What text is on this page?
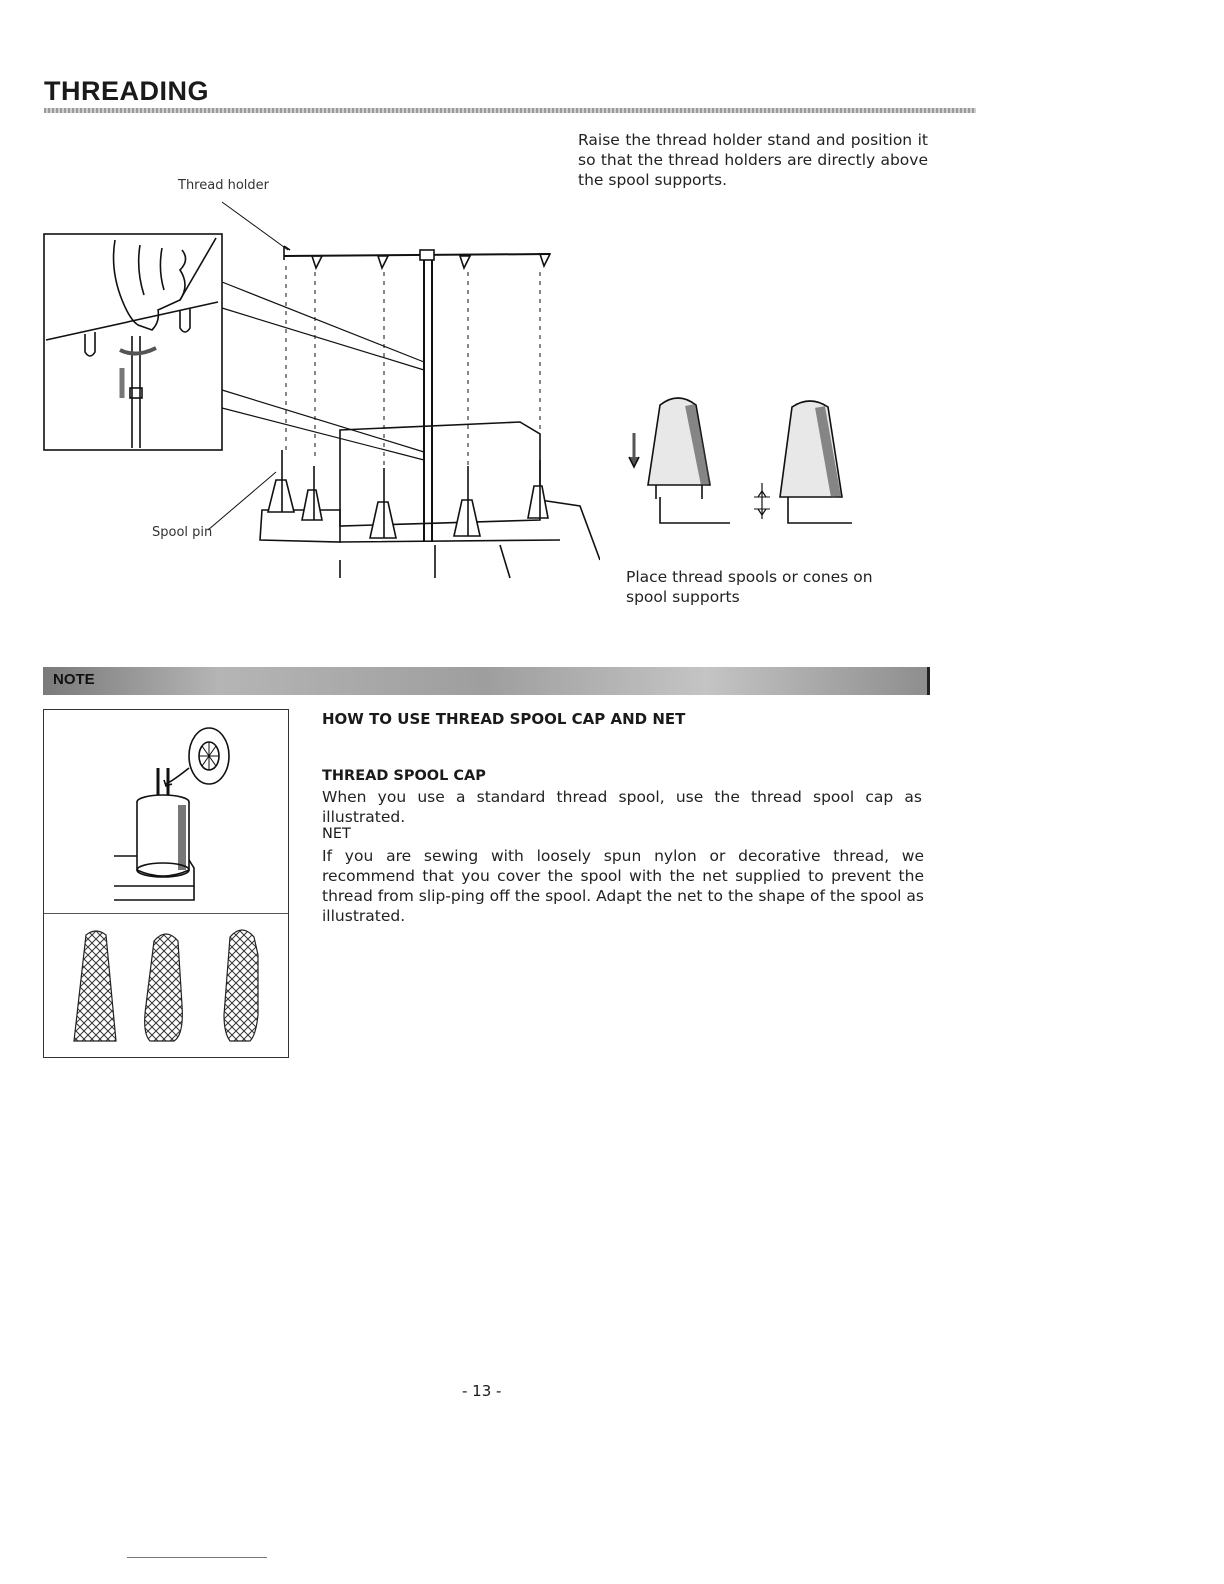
THREADING
Raise the thread holder stand and position it so that the thread holders are directly above the spool supports.
Thread holder
Spool pin
Place thread spools or cones on spool supports
NOTE
HOW TO USE THREAD SPOOL CAP AND NET
THREAD SPOOL CAP
When you use a standard thread spool, use the thread spool cap as illustrated.
NET
If you are sewing with loosely spun nylon or decorative thread, we recommend that you cover the spool with the net supplied to prevent the thread from slip-ping off the spool. Adapt the net to the shape of the spool as illustrated.
- 13 -
